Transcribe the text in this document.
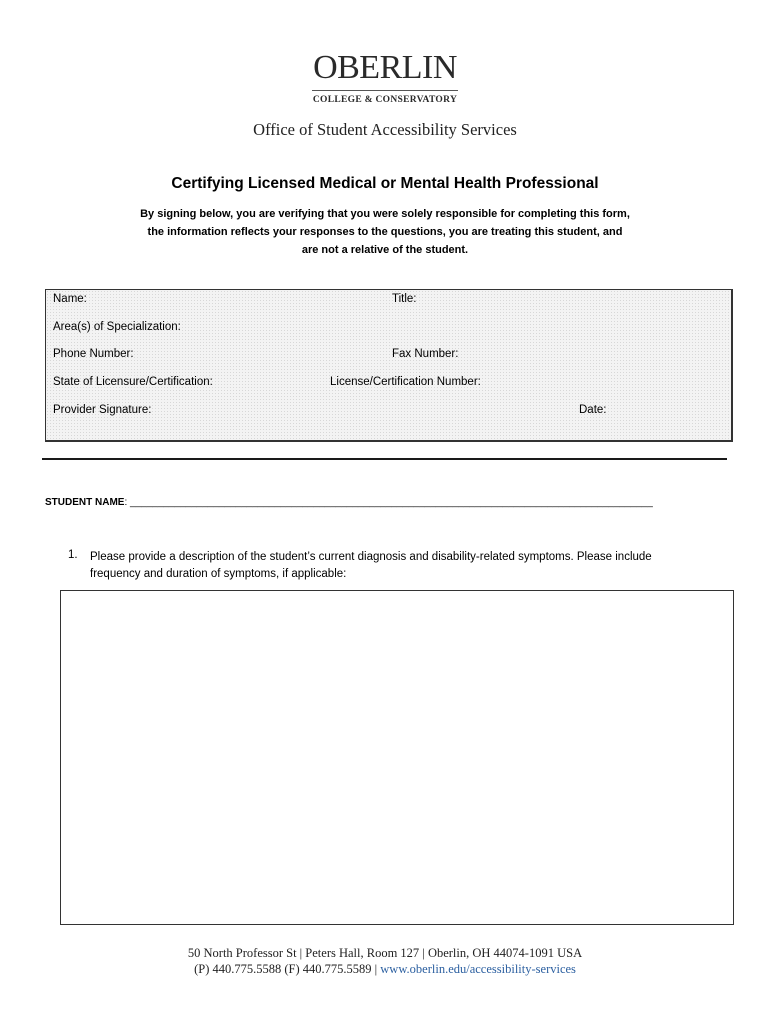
OBERLIN
COLLEGE & CONSERVATORY
Office of Student Accessibility Services
Certifying Licensed Medical or Mental Health Professional
By signing below, you are verifying that you were solely responsible for completing this form,
the information reflects your responses to the questions, you are treating this student, and
are not a relative of the student.
Name:	Title:
Area(s) of Specialization:
Phone Number:	Fax Number:
State of Licensure/Certification:	License/Certification Number:
Provider Signature:	Date:
STUDENT NAME: ______________________________________________________________________________________________
1. Please provide a description of the student’s current diagnosis and disability-related symptoms. Please include
frequency and duration of symptoms, if applicable:
50 North Professor St | Peters Hall, Room 127 | Oberlin, OH 44074-1091 USA
(P) 440.775.5588 (F) 440.775.5589 | www.oberlin.edu/accessibility-services
